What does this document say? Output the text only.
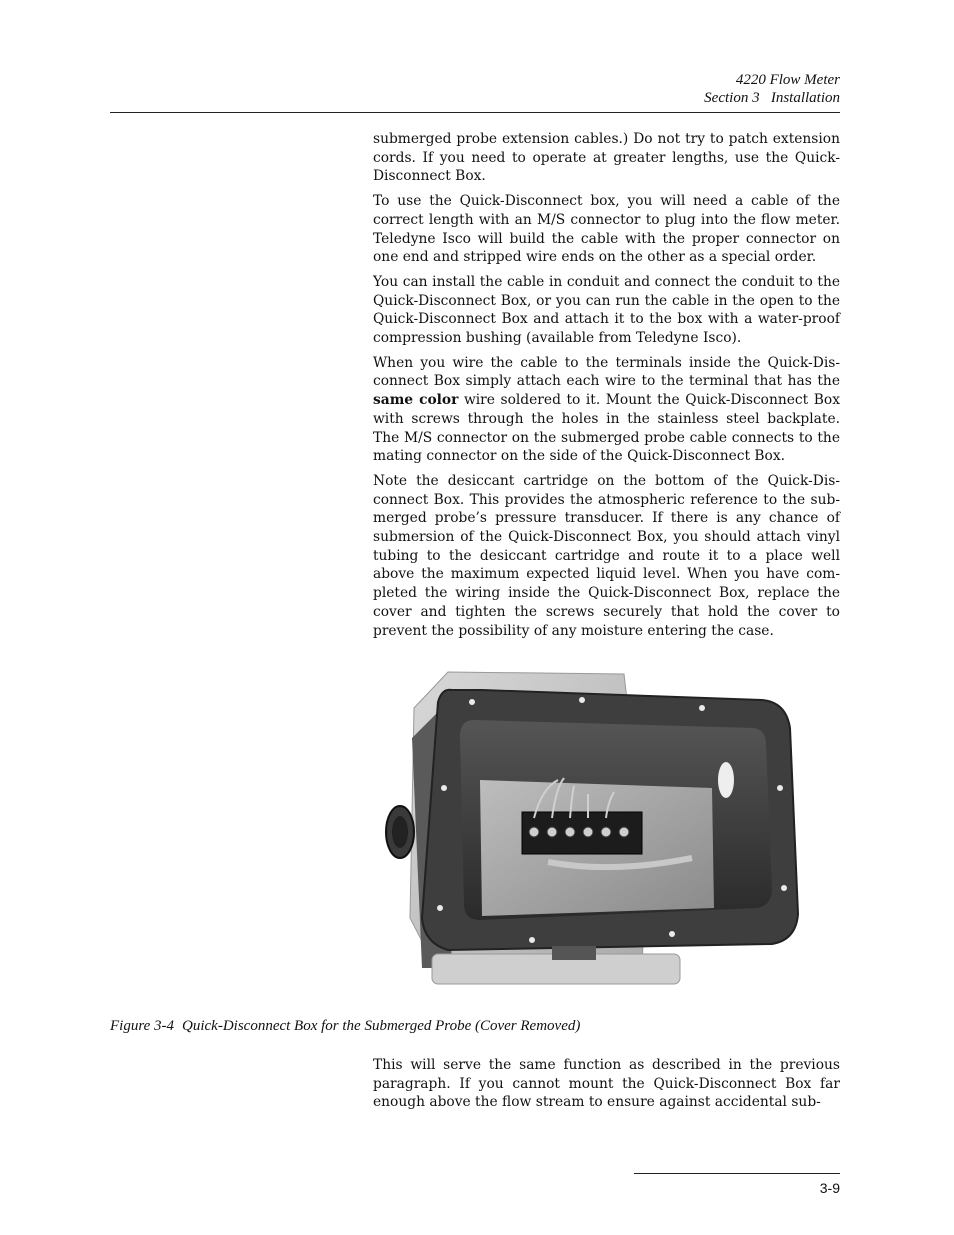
4220 Flow Meter
Section 3   Installation

submerged probe extension cables.) Do not try to patch extension cords. If you need to operate at greater lengths, use the Quick-Disconnect Box.

To use the Quick-Disconnect box, you will need a cable of the correct length with an M/S connector to plug into the flow meter. Teledyne Isco will build the cable with the proper connector on one end and stripped wire ends on the other as a special order.

You can install the cable in conduit and connect the conduit to the Quick-Disconnect Box, or you can run the cable in the open to the Quick-Disconnect Box and attach it to the box with a water-proof compression bushing (available from Teledyne Isco).

When you wire the cable to the terminals inside the Quick-Dis-connect Box simply attach each wire to the terminal that has the same color wire soldered to it. Mount the Quick-Disconnect Box with screws through the holes in the stainless steel backplate. The M/S connector on the submerged probe cable connects to the mating connector on the side of the Quick-Disconnect Box.

Note the desiccant cartridge on the bottom of the Quick-Dis-connect Box. This provides the atmospheric reference to the sub-merged probe’s pressure transducer. If there is any chance of submersion of the Quick-Disconnect Box, you should attach vinyl tubing to the desiccant cartridge and route it to a place well above the maximum expected liquid level. When you have com-pleted the wiring inside the Quick-Disconnect Box, replace the cover and tighten the screws securely that hold the cover to prevent the possibility of any moisture entering the case.

Figure 3-4 Quick-Disconnect Box for the Submerged Probe (Cover Removed)

This will serve the same function as described in the previous paragraph. If you cannot mount the Quick-Disconnect Box far enough above the flow stream to ensure against accidental sub-

3-9
